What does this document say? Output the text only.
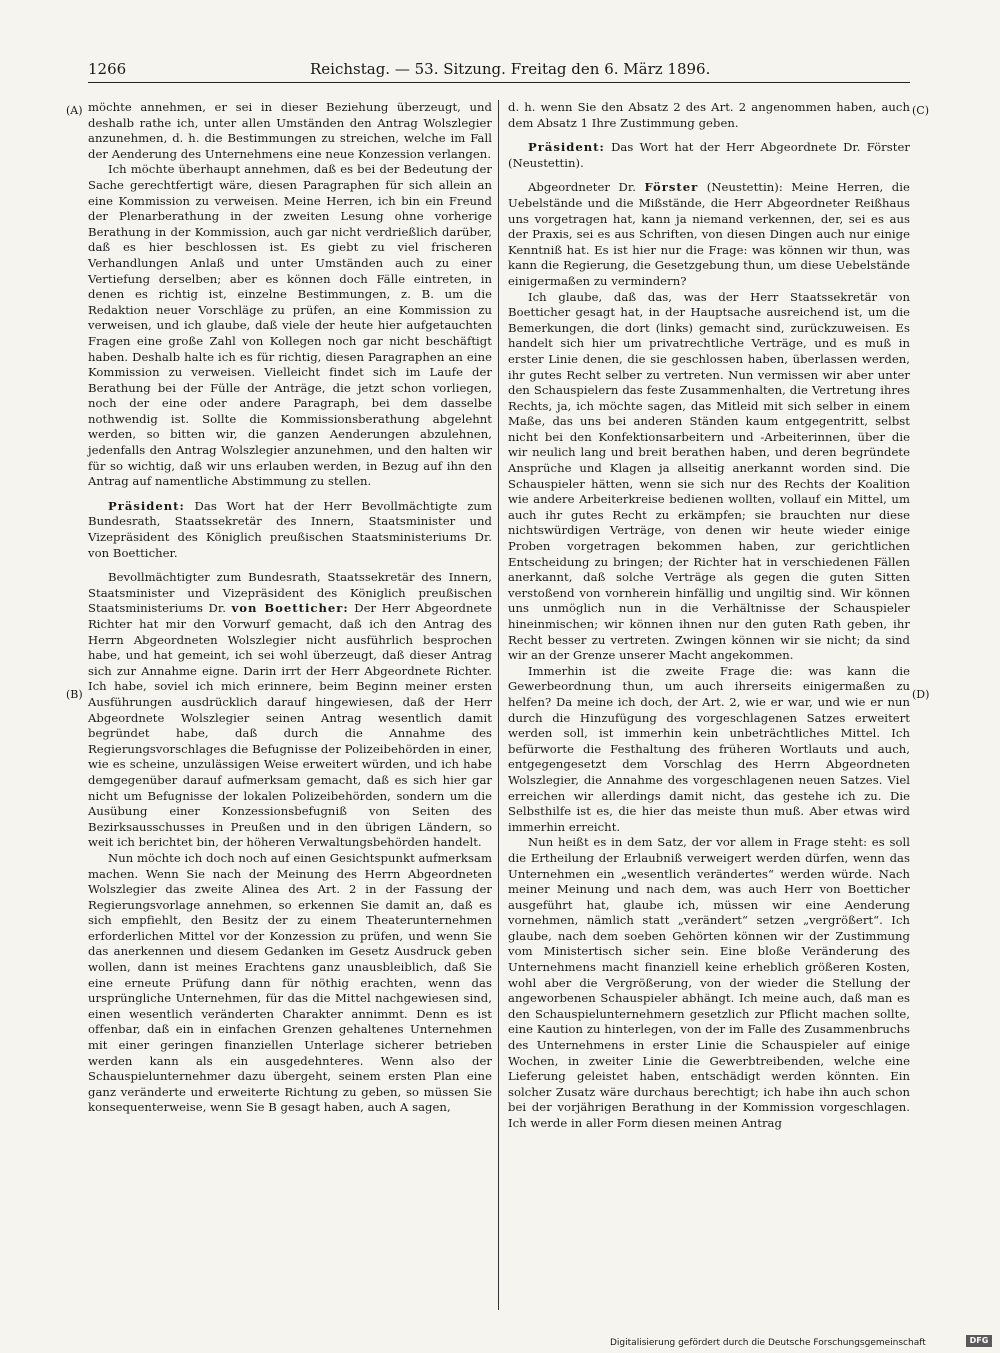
1266	Reichstag. — 53. Sitzung. Freitag den 6. März 1896.
(A)
(B)
(C)
(D)

möchte annehmen, er sei in dieser Beziehung überzeugt, und deshalb rathe ich, unter allen Umständen den Antrag Wolszlegier anzunehmen, d. h. die Bestimmungen zu streichen, welche im Fall der Aenderung des Unternehmens eine neue Konzession verlangen.

Ich möchte überhaupt annehmen, daß es bei der Bedeutung der Sache gerechtfertigt wäre, diesen Paragraphen für sich allein an eine Kommission zu verweisen. Meine Herren, ich bin ein Freund der Plenarberathung in der zweiten Lesung ohne vorherige Berathung in der Kommission, auch gar nicht verdrießlich darüber, daß es hier beschlossen ist. Es giebt zu viel frischeren Verhandlungen Anlaß und unter Umständen auch zu einer Vertiefung derselben; aber es können doch Fälle eintreten, in denen es richtig ist, einzelne Bestimmungen, z. B. um die Redaktion neuer Vorschläge zu prüfen, an eine Kommission zu verweisen, und ich glaube, daß viele der heute hier aufgetauchten Fragen eine große Zahl von Kollegen noch gar nicht beschäftigt haben. Deshalb halte ich es für richtig, diesen Paragraphen an eine Kommission zu verweisen. Vielleicht findet sich im Laufe der Berathung bei der Fülle der Anträge, die jetzt schon vorliegen, noch der eine oder andere Paragraph, bei dem dasselbe nothwendig ist. Sollte die Kommissionsberathung abgelehnt werden, so bitten wir, die ganzen Aenderungen abzulehnen, jedenfalls den Antrag Wolszlegier anzunehmen, und den halten wir für so wichtig, daß wir uns erlauben werden, in Bezug auf ihn den Antrag auf namentliche Abstimmung zu stellen.

Präsident: Das Wort hat der Herr Bevollmächtigte zum Bundesrath, Staatssekretär des Innern, Staatsminister und Vizepräsident des Königlich preußischen Staatsministeriums Dr. von Boetticher.

Bevollmächtigter zum Bundesrath, Staatssekretär des Innern, Staatsminister und Vizepräsident des Königlich preußischen Staatsministeriums Dr. von Boetticher: Der Herr Abgeordnete Richter hat mir den Vorwurf gemacht, daß ich den Antrag des Herrn Abgeordneten Wolszlegier nicht ausführlich besprochen habe, und hat gemeint, ich sei wohl überzeugt, daß dieser Antrag sich zur Annahme eigne. Darin irrt der Herr Abgeordnete Richter. Ich habe, soviel ich mich erinnere, beim Beginn meiner ersten Ausführungen ausdrücklich darauf hingewiesen, daß der Herr Abgeordnete Wolszlegier seinen Antrag wesentlich damit begründet habe, daß durch die Annahme des Regierungsvorschlages die Befugnisse der Polizeibehörden in einer, wie es scheine, unzulässigen Weise erweitert würden, und ich habe demgegenüber darauf aufmerksam gemacht, daß es sich hier gar nicht um Befugnisse der lokalen Polizeibehörden, sondern um die Ausübung einer Konzessionsbefugniß von Seiten des Bezirksausschusses in Preußen und in den übrigen Ländern, so weit ich berichtet bin, der höheren Verwaltungsbehörden handelt.

Nun möchte ich doch noch auf einen Gesichtspunkt aufmerksam machen. Wenn Sie nach der Meinung des Herrn Abgeordneten Wolszlegier das zweite Alinea des Art. 2 in der Fassung der Regierungsvorlage annehmen, so erkennen Sie damit an, daß es sich empfiehlt, den Besitz der zu einem Theaterunternehmen erforderlichen Mittel vor der Konzession zu prüfen, und wenn Sie das anerkennen und diesem Gedanken im Gesetz Ausdruck geben wollen, dann ist meines Erachtens ganz unausbleiblich, daß Sie eine erneute Prüfung dann für nöthig erachten, wenn das ursprüngliche Unternehmen, für das die Mittel nachgewiesen sind, einen wesentlich veränderten Charakter annimmt. Denn es ist offenbar, daß ein in einfachen Grenzen gehaltenes Unternehmen mit einer geringen finanziellen Unterlage sicherer betrieben werden kann als ein ausgedehnteres. Wenn also der Schauspielunternehmer dazu übergeht, seinem ersten Plan eine ganz veränderte und erweiterte Richtung zu geben, so müssen Sie konsequenterweise, wenn Sie B gesagt haben, auch A sagen,

d. h. wenn Sie den Absatz 2 des Art. 2 angenommen haben, auch dem Absatz 1 Ihre Zustimmung geben.

Präsident: Das Wort hat der Herr Abgeordnete Dr. Förster (Neustettin).

Abgeordneter Dr. Förster (Neustettin): Meine Herren, die Uebelstände und die Mißstände, die Herr Abgeordneter Reißhaus uns vorgetragen hat, kann ja niemand verkennen, der, sei es aus der Praxis, sei es aus Schriften, von diesen Dingen auch nur einige Kenntniß hat. Es ist hier nur die Frage: was können wir thun, was kann die Regierung, die Gesetzgebung thun, um diese Uebelstände einigermaßen zu vermindern?

Ich glaube, daß das, was der Herr Staatssekretär von Boetticher gesagt hat, in der Hauptsache ausreichend ist, um die Bemerkungen, die dort (links) gemacht sind, zurückzuweisen. Es handelt sich hier um privatrechtliche Verträge, und es muß in erster Linie denen, die sie geschlossen haben, überlassen werden, ihr gutes Recht selber zu vertreten. Nun vermissen wir aber unter den Schauspielern das feste Zusammenhalten, die Vertretung ihres Rechts, ja, ich möchte sagen, das Mitleid mit sich selber in einem Maße, das uns bei anderen Ständen kaum entgegentritt, selbst nicht bei den Konfektionsarbeitern und -Arbeiterinnen, über die wir neulich lang und breit berathen haben, und deren begründete Ansprüche und Klagen ja allseitig anerkannt worden sind. Die Schauspieler hätten, wenn sie sich nur des Rechts der Koalition wie andere Arbeiterkreise bedienen wollten, vollauf ein Mittel, um auch ihr gutes Recht zu erkämpfen; sie brauchten nur diese nichtswürdigen Verträge, von denen wir heute wieder einige Proben vorgetragen bekommen haben, zur gerichtlichen Entscheidung zu bringen; der Richter hat in verschiedenen Fällen anerkannt, daß solche Verträge als gegen die guten Sitten verstoßend von vornherein hinfällig und ungiltig sind. Wir können uns unmöglich nun in die Verhältnisse der Schauspieler hineinmischen; wir können ihnen nur den guten Rath geben, ihr Recht besser zu vertreten. Zwingen können wir sie nicht; da sind wir an der Grenze unserer Macht angekommen.

Immerhin ist die zweite Frage die: was kann die Gewerbeordnung thun, um auch ihrerseits einigermaßen zu helfen? Da meine ich doch, der Art. 2, wie er war, und wie er nun durch die Hinzufügung des vorgeschlagenen Satzes erweitert werden soll, ist immerhin kein unbeträchtliches Mittel. Ich befürworte die Festhaltung des früheren Wortlauts und auch, entgegengesetzt dem Vorschlag des Herrn Abgeordneten Wolszlegier, die Annahme des vorgeschlagenen neuen Satzes. Viel erreichen wir allerdings damit nicht, das gestehe ich zu. Die Selbsthilfe ist es, die hier das meiste thun muß. Aber etwas wird immerhin erreicht.

Nun heißt es in dem Satz, der vor allem in Frage steht: es soll die Ertheilung der Erlaubniß verweigert werden dürfen, wenn das Unternehmen ein „wesentlich verändertes“ werden würde. Nach meiner Meinung und nach dem, was auch Herr von Boetticher ausgeführt hat, glaube ich, müssen wir eine Aenderung vornehmen, nämlich statt „verändert“ setzen „vergrößert“. Ich glaube, nach dem soeben Gehörten können wir der Zustimmung vom Ministertisch sicher sein. Eine bloße Veränderung des Unternehmens macht finanziell keine erheblich größeren Kosten, wohl aber die Vergrößerung, von der wieder die Stellung der angeworbenen Schauspieler abhängt. Ich meine auch, daß man es den Schauspielunternehmern gesetzlich zur Pflicht machen sollte, eine Kaution zu hinterlegen, von der im Falle des Zusammenbruchs des Unternehmens in erster Linie die Schauspieler auf einige Wochen, in zweiter Linie die Gewerbtreibenden, welche eine Lieferung geleistet haben, entschädigt werden könnten. Ein solcher Zusatz wäre durchaus berechtigt; ich habe ihn auch schon bei der vorjährigen Berathung in der Kommission vorgeschlagen. Ich werde in aller Form diesen meinen Antrag

Digitalisierung gefördert durch die Deutsche Forschungsgemeinschaft	DFG
